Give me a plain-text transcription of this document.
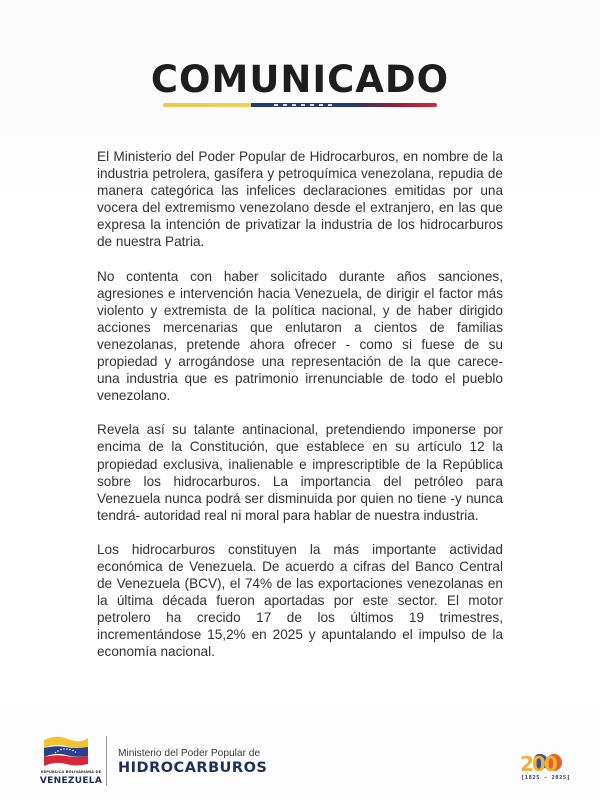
COMUNICADO

El Ministerio del Poder Popular de Hidrocarburos, en nombre de la industria petrolera, gasífera y petroquímica venezolana, repudia de manera categórica las infelices declaraciones emitidas por una vocera del extremismo venezolano desde el extranjero, en las que expresa la intención de privatizar la industria de los hidrocarburos de nuestra Patria.

No contenta con haber solicitado durante años sanciones, agresiones e intervención hacia Venezuela, de dirigir el factor más violento y extremista de la política nacional, y de haber dirigido acciones mercenarias que enlutaron a cientos de familias venezolanas, pretende ahora ofrecer - como si fuese de su propiedad y arrogándose una representación de la que carece- una industria que es patrimonio irrenunciable de todo el pueblo venezolano.

Revela así su talante antinacional, pretendiendo imponerse por encima de la Constitución, que establece en su artículo 12 la propiedad exclusiva, inalienable e imprescriptible de la República sobre los hidrocarburos. La importancia del petróleo para Venezuela nunca podrá ser disminuida por quien no tiene -y nunca tendrá- autoridad real ni moral para hablar de nuestra industria.

Los hidrocarburos constituyen la más importante actividad económica de Venezuela. De acuerdo a cifras del Banco Central de Venezuela (BCV), el 74% de las exportaciones venezolanas en la última década fueron aportadas por este sector. El motor petrolero ha crecido 17 de los últimos 19 trimestres, incrementándose 15,2% en 2025 y apuntalando el impulso de la economía nacional.

REPÚBLICA BOLIVARIANA DE
VENEZUELA
Ministerio del Poder Popular de
HIDROCARBUROS	200
[1825 - 2025]
